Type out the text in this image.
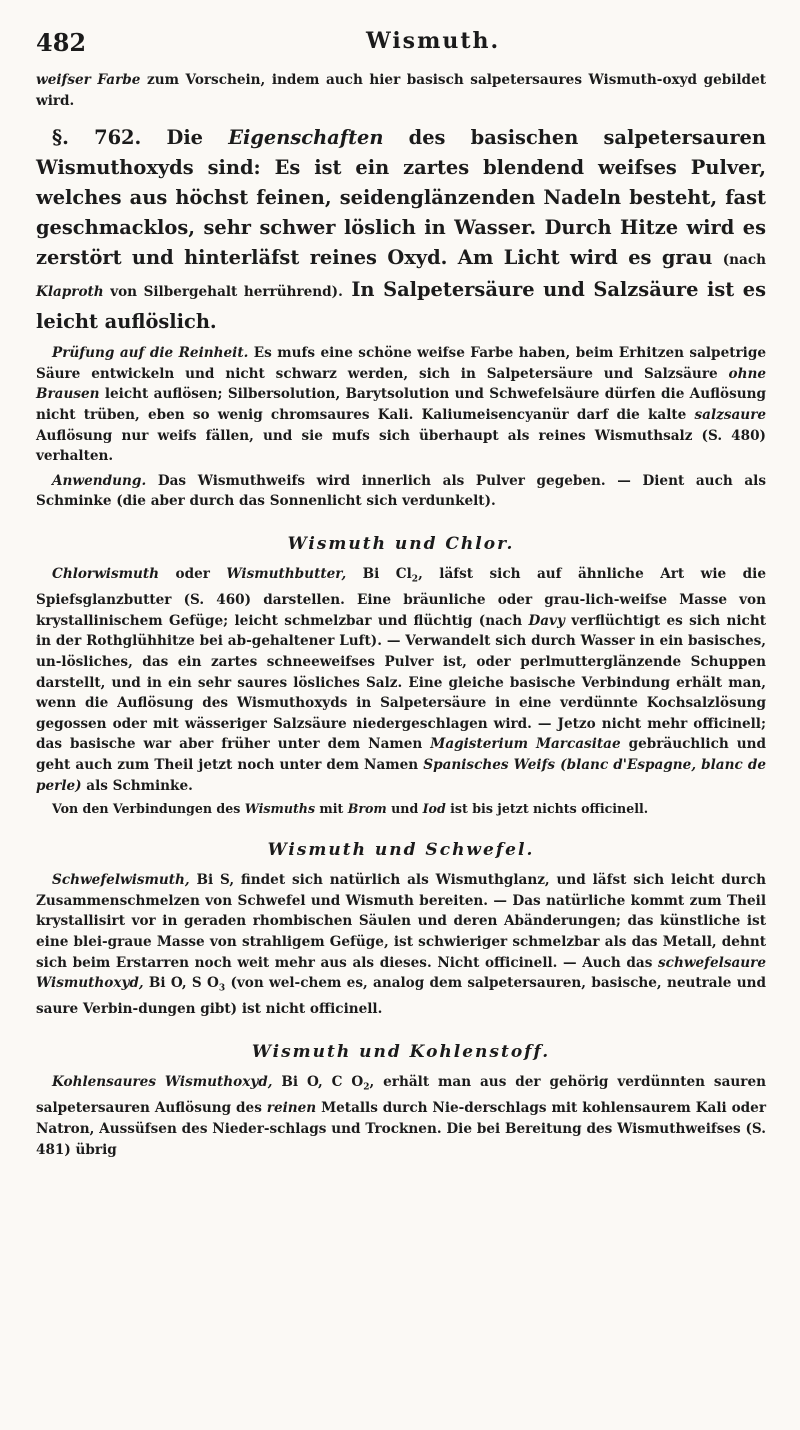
482	Wismuth.

weifser Farbe zum Vorschein, indem auch hier basisch salpetersaures Wismuth-oxyd gebildet wird.

§. 762. Die Eigenschaften des basischen salpetersauren Wismuthoxyds sind: Es ist ein zartes blendend weifses Pulver, welches aus höchst feinen, seidenglänzenden Nadeln besteht, fast geschmacklos, sehr schwer löslich in Wasser. Durch Hitze wird es zerstört und hinterläfst reines Oxyd. Am Licht wird es grau (nach Klaproth von Silbergehalt herrührend). In Salpetersäure und Salzsäure ist es leicht auflöslich.

Prüfung auf die Reinheit. Es mufs eine schöne weifse Farbe haben, beim Erhitzen salpetrige Säure entwickeln und nicht schwarz werden, sich in Salpetersäure und Salzsäure ohne Brausen leicht auflösen; Silbersolution, Barytsolution und Schwefelsäure dürfen die Auflösung nicht trüben, eben so wenig chromsaures Kali. Kaliumeisencyanür darf die kalte salzsaure Auflösung nur weifs fällen, und sie mufs sich überhaupt als reines Wismuthsalz (S. 480) verhalten.

Anwendung. Das Wismuthweifs wird innerlich als Pulver gegeben. — Dient auch als Schminke (die aber durch das Sonnenlicht sich verdunkelt).

Wismuth und Chlor.

Chlorwismuth oder Wismuthbutter, Bi $Cl_2$, läfst sich auf ähnliche Art wie die Spiefsglanzbutter (S. 460) darstellen. Eine bräunliche oder grau-lich-weifse Masse von krystallinischem Gefüge; leicht schmelzbar und flüchtig (nach Davy verflüchtigt es sich nicht in der Rothglühhitze bei ab-gehaltener Luft). — Verwandelt sich durch Wasser in ein basisches, un-lösliches, das ein zartes schneeweifses Pulver ist, oder perlmutterglänzende Schuppen darstellt, und in ein sehr saures lösliches Salz. Eine gleiche basische Verbindung erhält man, wenn die Auflösung des Wismuthoxyds in Salpetersäure in eine verdünnte Kochsalzlösung gegossen oder mit wässeriger Salzsäure niedergeschlagen wird. — Jetzo nicht mehr officinell; das basische war aber früher unter dem Namen Magisterium Marcasitae gebräuchlich und geht auch zum Theil jetzt noch unter dem Namen Spanisches Weifs (blanc d'Espagne, blanc de perle) als Schminke.

Von den Verbindungen des Wismuths mit Brom und Iod ist bis jetzt nichts officinell.

Wismuth und Schwefel.

Schwefelwismuth, Bi S, findet sich natürlich als Wismuthglanz, und läfst sich leicht durch Zusammenschmelzen von Schwefel und Wismuth bereiten. — Das natürliche kommt zum Theil krystallisirt vor in geraden rhombischen Säulen und deren Abänderungen; das künstliche ist eine blei-graue Masse von strahligem Gefüge, ist schwieriger schmelzbar als das Metall, dehnt sich beim Erstarren noch weit mehr aus als dieses. Nicht officinell. — Auch das schwefelsaure Wismuthoxyd, Bi O, S $O_3$ (von wel-chem es, analog dem salpetersauren, basische, neutrale und saure Verbin-dungen gibt) ist nicht officinell.

Wismuth und Kohlenstoff.

Kohlensaures Wismuthoxyd, Bi O, C $O_2$, erhält man aus der gehörig verdünnten sauren salpetersauren Auflösung des reinen Metalls durch Nie-derschlags mit kohlensaurem Kali oder Natron, Aussüfsen des Nieder-schlags und Trocknen. Die bei Bereitung des Wismuthweifses (S. 481) übrig
